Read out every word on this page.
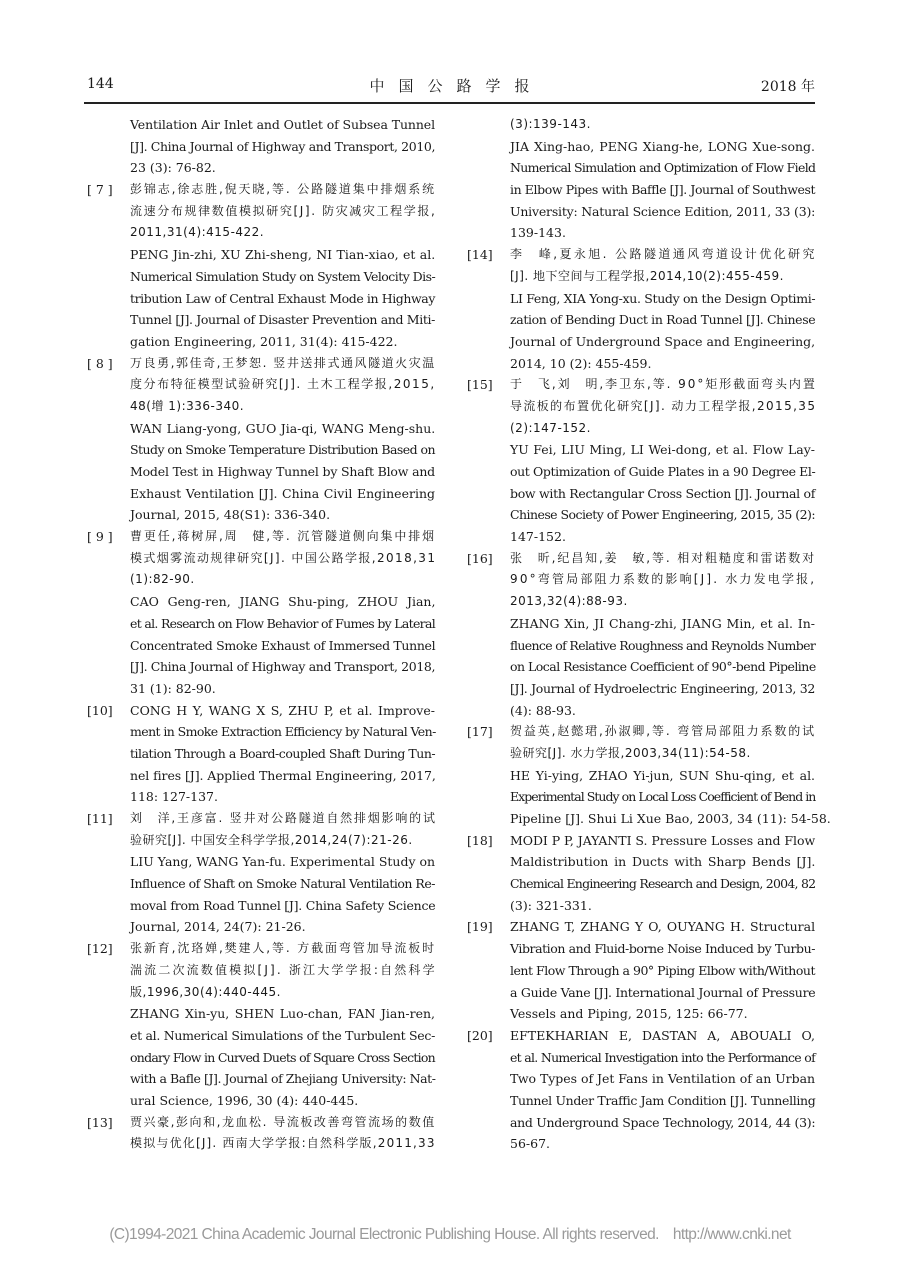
144	中国公路学报	2018 年
Ventilation Air Inlet and Outlet of Subsea Tunnel
[J]. China Journal of Highway and Transport, 2010,
23 (3): 76-82.
[ 7 ] 彭锦志,徐志胜,倪天晓,等. 公路隧道集中排烟系统
流速分布规律数值模拟研究[J]. 防灾减灾工程学报,
2011,31(4):415-422.
PENG Jin-zhi, XU Zhi-sheng, NI Tian-xiao, et al.
Numerical Simulation Study on System Velocity Dis-
tribution Law of Central Exhaust Mode in Highway
Tunnel [J]. Journal of Disaster Prevention and Miti-
gation Engineering, 2011, 31(4): 415-422.
[ 8 ] 万良勇,郭佳奇,王梦恕. 竖井送排式通风隧道火灾温
度分布特征模型试验研究[J]. 土木工程学报,2015,
48(增 1):336-340.
WAN Liang-yong, GUO Jia-qi, WANG Meng-shu.
Study on Smoke Temperature Distribution Based on
Model Test in Highway Tunnel by Shaft Blow and
Exhaust Ventilation [J]. China Civil Engineering
Journal, 2015, 48(S1): 336-340.
[ 9 ] 曹更任,蒋树屏,周　健,等. 沉管隧道侧向集中排烟
模式烟雾流动规律研究[J]. 中国公路学报,2018,31
(1):82-90.
CAO Geng-ren, JIANG Shu-ping, ZHOU Jian,
et al. Research on Flow Behavior of Fumes by Lateral
Concentrated Smoke Exhaust of Immersed Tunnel
[J]. China Journal of Highway and Transport, 2018,
31 (1): 82-90.
[10] CONG H Y, WANG X S, ZHU P, et al. Improve-
ment in Smoke Extraction Efficiency by Natural Ven-
tilation Through a Board-coupled Shaft During Tun-
nel fires [J]. Applied Thermal Engineering, 2017,
118: 127-137.
[11] 刘　洋,王彦富. 竖井对公路隧道自然排烟影响的试
验研究[J]. 中国安全科学学报,2014,24(7):21-26.
LIU Yang, WANG Yan-fu. Experimental Study on
Influence of Shaft on Smoke Natural Ventilation Re-
moval from Road Tunnel [J]. China Safety Science
Journal, 2014, 24(7): 21-26.
[12] 张新育,沈珞婵,樊建人,等. 方截面弯管加导流板时
湍流二次流数值模拟[J]. 浙江大学学报:自然科学
版,1996,30(4):440-445.
ZHANG Xin-yu, SHEN Luo-chan, FAN Jian-ren,
et al. Numerical Simulations of the Turbulent Sec-
ondary Flow in Curved Duets of Square Cross Section
with a Bafle [J]. Journal of Zhejiang University: Nat-
ural Science, 1996, 30 (4): 440-445.
[13] 贾兴豪,彭向和,龙血松. 导流板改善弯管流场的数值
模拟与优化[J]. 西南大学学报:自然科学版,2011,33
(3):139-143.
JIA Xing-hao, PENG Xiang-he, LONG Xue-song.
Numerical Simulation and Optimization of Flow Field
in Elbow Pipes with Baffle [J]. Journal of Southwest
University: Natural Science Edition, 2011, 33 (3):
139-143.
[14] 李　峰,夏永旭. 公路隧道通风弯道设计优化研究
[J]. 地下空间与工程学报,2014,10(2):455-459.
LI Feng, XIA Yong-xu. Study on the Design Optimi-
zation of Bending Duct in Road Tunnel [J]. Chinese
Journal of Underground Space and Engineering,
2014, 10 (2): 455-459.
[15] 于　飞,刘　明,李卫东,等. 90°矩形截面弯头内置
导流板的布置优化研究[J]. 动力工程学报,2015,35
(2):147-152.
YU Fei, LIU Ming, LI Wei-dong, et al. Flow Lay-
out Optimization of Guide Plates in a 90 Degree El-
bow with Rectangular Cross Section [J]. Journal of
Chinese Society of Power Engineering, 2015, 35 (2):
147-152.
[16] 张　昕,纪昌知,姜　敏,等. 相对粗糙度和雷诺数对
90°弯管局部阻力系数的影响[J]. 水力发电学报,
2013,32(4):88-93.
ZHANG Xin, JI Chang-zhi, JIANG Min, et al. In-
fluence of Relative Roughness and Reynolds Number
on Local Resistance Coefficient of 90°-bend Pipeline
[J]. Journal of Hydroelectric Engineering, 2013, 32
(4): 88-93.
[17] 贺益英,赵懿珺,孙淑卿,等. 弯管局部阻力系数的试
验研究[J]. 水力学报,2003,34(11):54-58.
HE Yi-ying, ZHAO Yi-jun, SUN Shu-qing, et al.
Experimental Study on Local Loss Coefficient of Bend in
Pipeline [J]. Shui Li Xue Bao, 2003, 34 (11): 54-58.
[18] MODI P P, JAYANTI S. Pressure Losses and Flow
Maldistribution in Ducts with Sharp Bends [J].
Chemical Engineering Research and Design, 2004, 82
(3): 321-331.
[19] ZHANG T, ZHANG Y O, OUYANG H. Structural
Vibration and Fluid-borne Noise Induced by Turbu-
lent Flow Through a 90° Piping Elbow with/Without
a Guide Vane [J]. International Journal of Pressure
Vessels and Piping, 2015, 125: 66-77.
[20] EFTEKHARIAN E, DASTAN A, ABOUALI O,
et al. Numerical Investigation into the Performance of
Two Types of Jet Fans in Ventilation of an Urban
Tunnel Under Traffic Jam Condition [J]. Tunnelling
and Underground Space Technology, 2014, 44 (3):
56-67.
(C)1994-2021 China Academic Journal Electronic Publishing House. All rights reserved. http://www.cnki.net
